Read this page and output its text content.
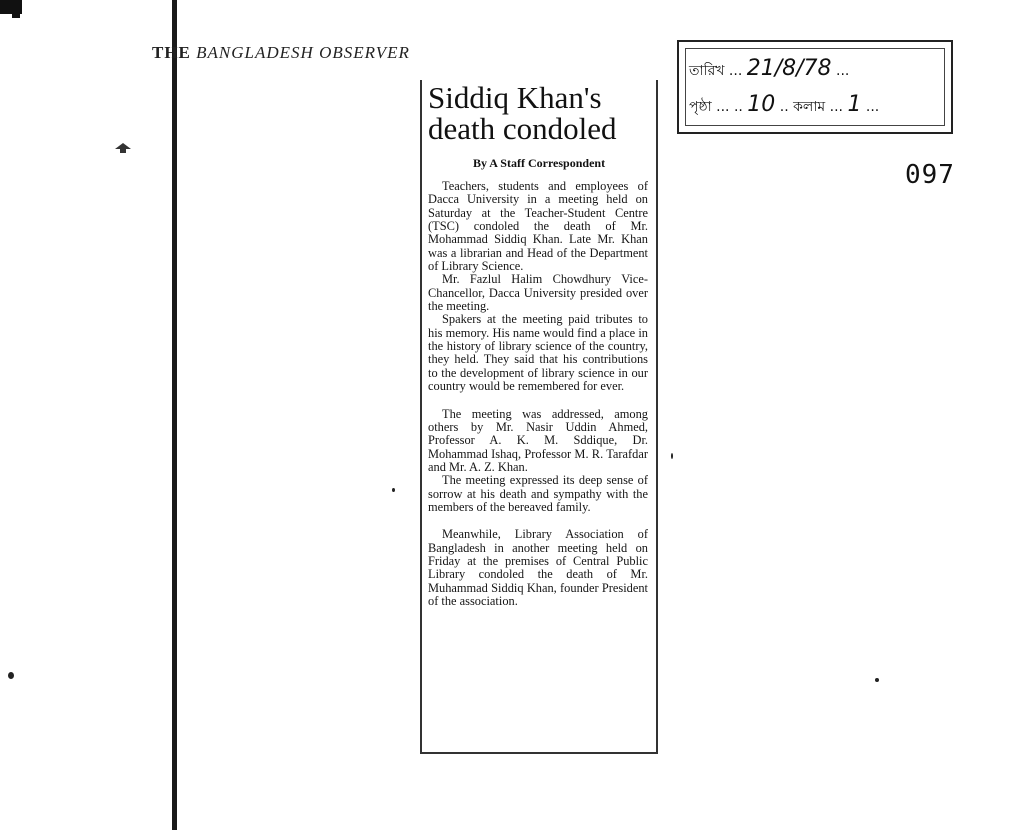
THE BANGLADESH OBSERVER
Siddiq Khan's
death condoled
By A Staff Correspondent

Teachers, students and employees of Dacca University in a meeting held on Saturday at the Teacher-Student Centre (TSC) condoled the death of Mr. Mohammad Siddiq Khan. Late Mr. Khan was a librarian and Head of the Department of Library Science.

Mr. Fazlul Halim Chowdhury Vice-Chancellor, Dacca University presided over the meeting.

Spakers at the meeting paid tributes to his memory. His name would find a place in the history of library science of the country, they held. They said that his contributions to the development of library science in our country would be remembered for ever.

The meeting was addressed, among others by Mr. Nasir Uddin Ahmed, Professor A. K. M. Sddique, Dr. Mohammad Ishaq, Professor M. R. Tarafdar and Mr. A. Z. Khan.

The meeting expressed its deep sense of sorrow at his death and sympathy with the members of the bereaved family.

Meanwhile, Library Association of Bangladesh in another meeting held on Friday at the premises of Central Public Library condoled the death of Mr. Muhammad Siddiq Khan, founder President of the association.

তারিখ ... 21/8/78 ...
পৃষ্ঠা ... .. 10 .. কলাম ... 1 ...
097
